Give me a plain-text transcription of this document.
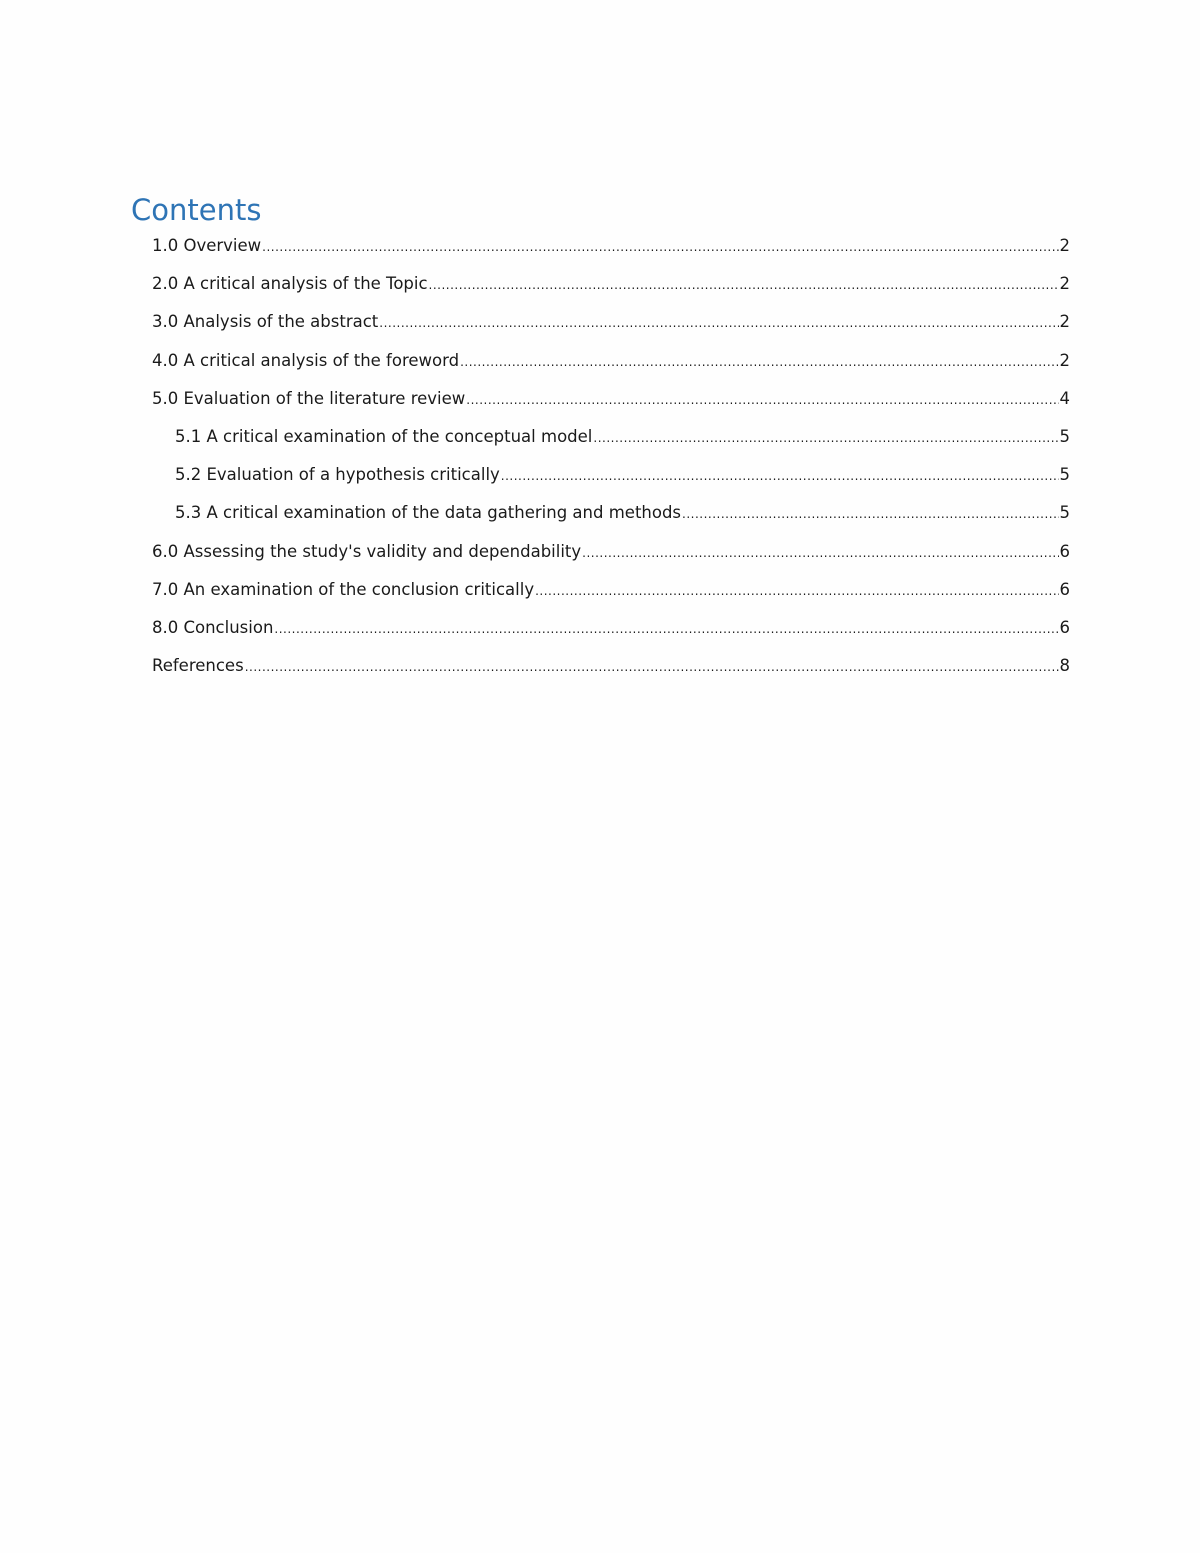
Contents
1.0 Overview .....	2
2.0 A critical analysis of the Topic .....	2
3.0 Analysis of the abstract .....	2
4.0 A critical analysis of the foreword .....	2
5.0 Evaluation of the literature review .....	4
5.1 A critical examination of the conceptual model .....	5
5.2 Evaluation of a hypothesis critically .....	5
5.3 A critical examination of the data gathering and methods .....	5
6.0 Assessing the study's validity and dependability .....	6
7.0 An examination of the conclusion critically .....	6
8.0 Conclusion .....	6
References .....	8
